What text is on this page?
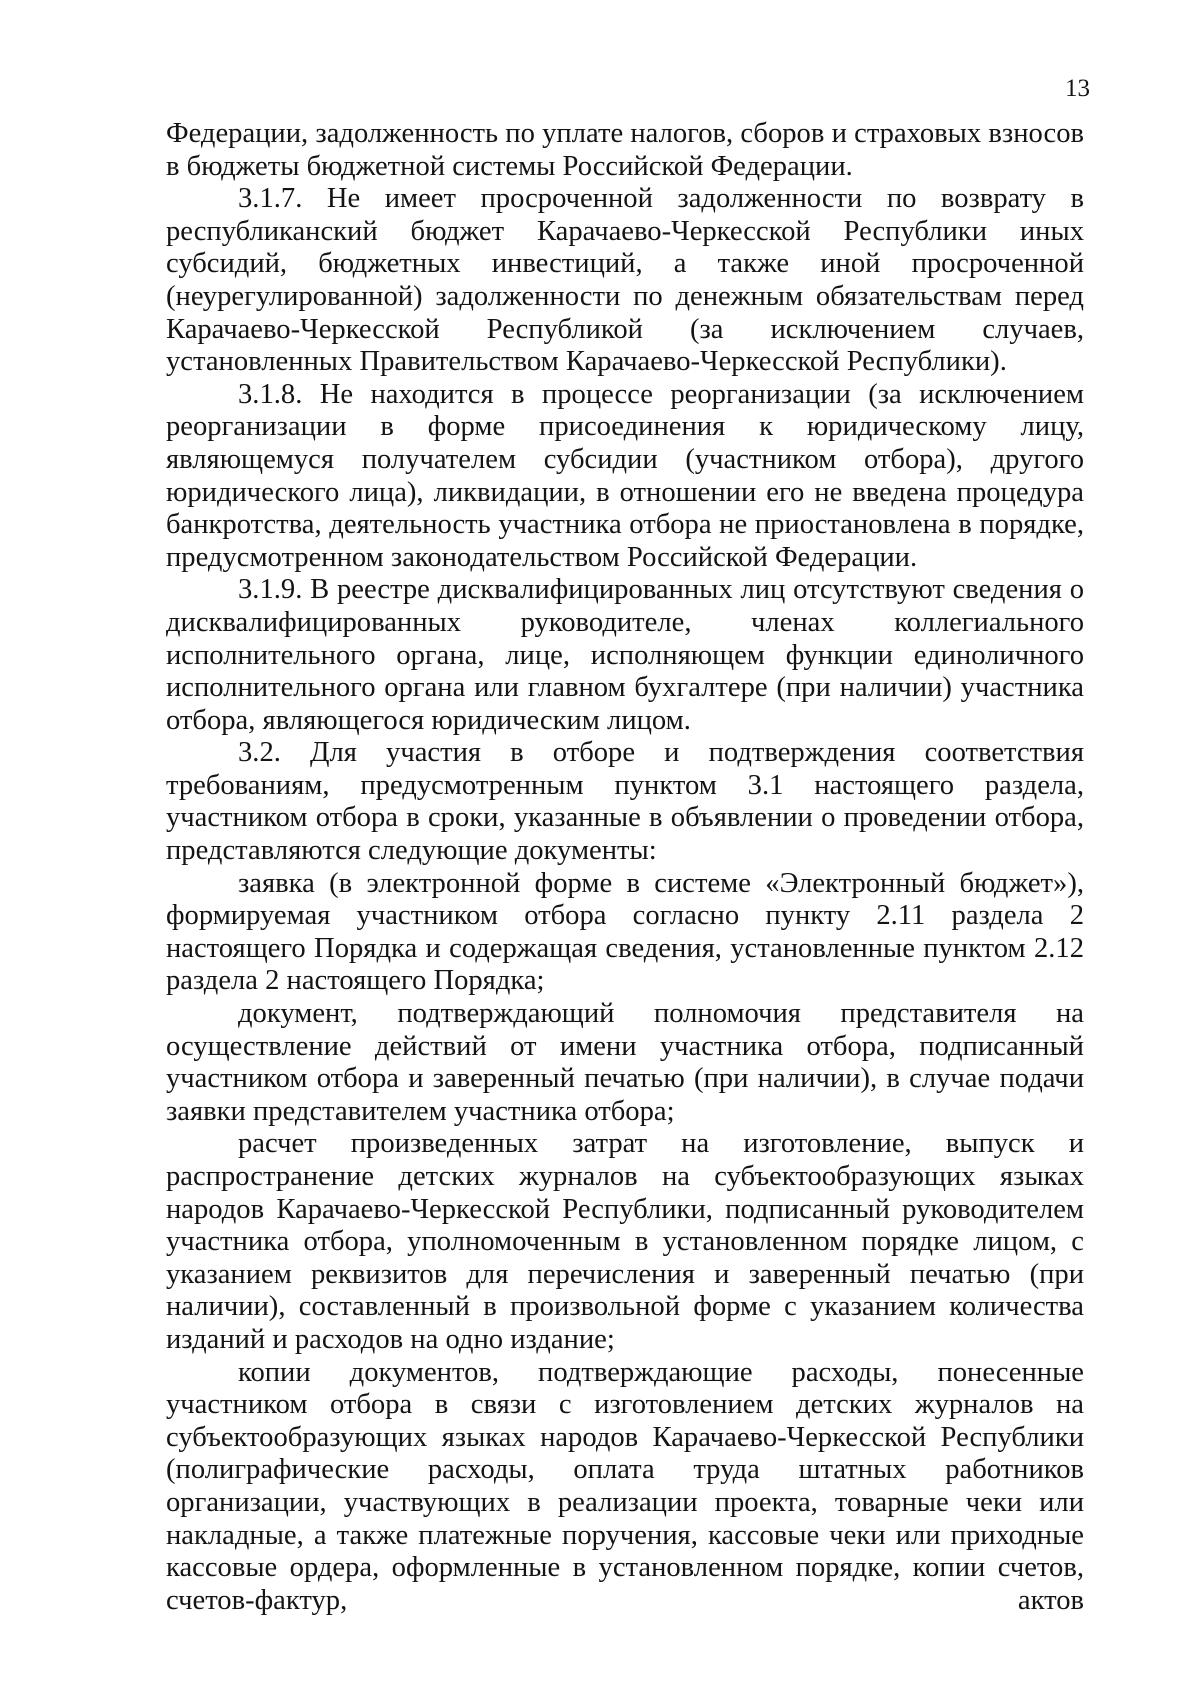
13

Федерации, задолженность по уплате налогов, сборов и страховых взносов в бюджеты бюджетной системы Российской Федерации.

3.1.7. Не имеет просроченной задолженности по возврату в республиканский бюджет Карачаево-Черкесской Республики иных субсидий, бюджетных инвестиций, а также иной просроченной (неурегулированной) задолженности по денежным обязательствам перед Карачаево-Черкесской Республикой (за исключением случаев, установленных Правительством Карачаево-Черкесской Республики).

3.1.8. Не находится в процессе реорганизации (за исключением реорганизации в форме присоединения к юридическому лицу, являющемуся получателем субсидии (участником отбора), другого юридического лица), ликвидации, в отношении его не введена процедура банкротства, деятельность участника отбора не приостановлена в порядке, предусмотренном законодательством Российской Федерации.

3.1.9. В реестре дисквалифицированных лиц отсутствуют сведения о дисквалифицированных руководителе, членах коллегиального исполнительного органа, лице, исполняющем функции единоличного исполнительного органа или главном бухгалтере (при наличии) участника отбора, являющегося юридическим лицом.

3.2. Для участия в отборе и подтверждения соответствия требованиям, предусмотренным пунктом 3.1 настоящего раздела, участником отбора в сроки, указанные в объявлении о проведении отбора, представляются следующие документы:

заявка (в электронной форме в системе «Электронный бюджет»), формируемая участником отбора согласно пункту 2.11 раздела 2 настоящего Порядка и содержащая сведения, установленные пунктом 2.12 раздела 2 настоящего Порядка;

документ, подтверждающий полномочия представителя на осуществление действий от имени участника отбора, подписанный участником отбора и заверенный печатью (при наличии), в случае подачи заявки представителем участника отбора;

расчет произведенных затрат на изготовление, выпуск и распространение детских журналов на субъектообразующих языках народов Карачаево-Черкесской Республики, подписанный руководителем участника отбора, уполномоченным в установленном порядке лицом, с указанием реквизитов для перечисления и заверенный печатью (при наличии), составленный в произвольной форме с указанием количества изданий и расходов на одно издание;

копии документов, подтверждающие расходы, понесенные участником отбора в связи с изготовлением детских журналов на субъектообразующих языках народов Карачаево-Черкесской Республики (полиграфические расходы, оплата труда штатных работников организации, участвующих в реализации проекта, товарные чеки или накладные, а также платежные поручения, кассовые чеки или приходные кассовые ордера, оформленные в установленном порядке, копии счетов, счетов-фактур, актов
